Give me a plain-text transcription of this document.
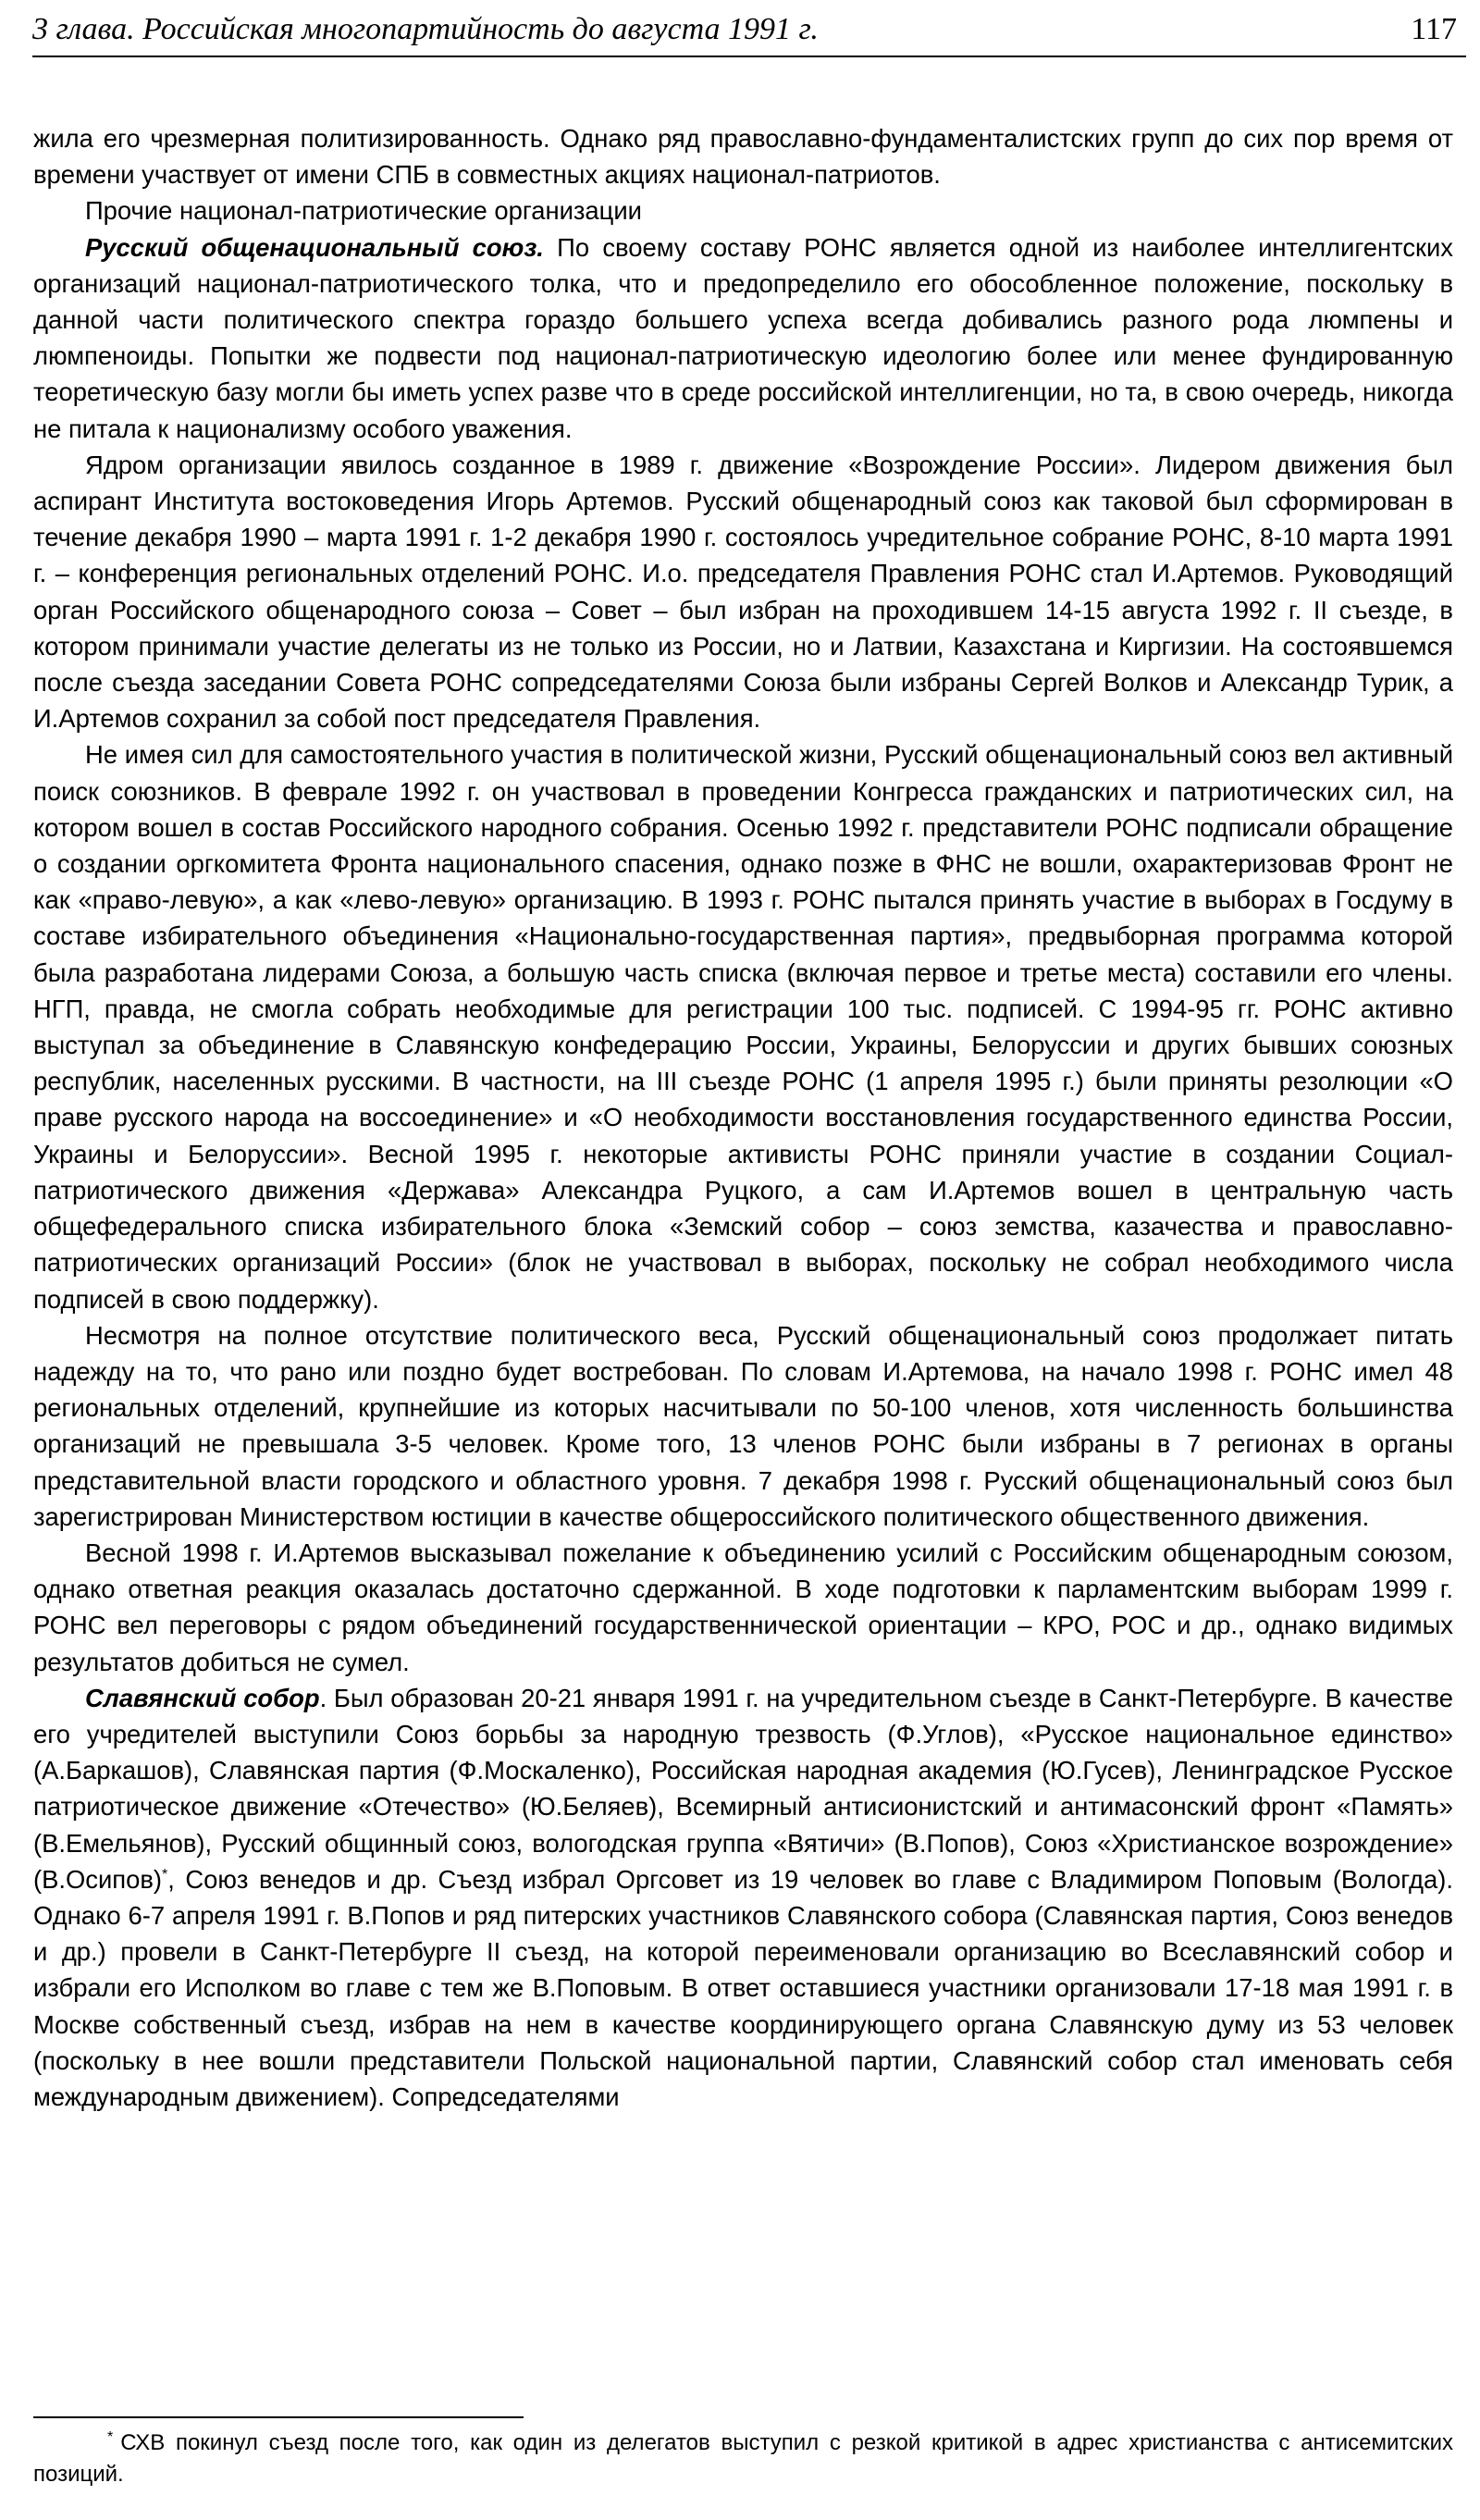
3 глава. Российская многопартийность до августа 1991 г.	117

жила его чрезмерная политизированность. Однако ряд православно-фундаменталистских групп до сих пор время от времени участвует от имени СПБ в совместных акциях национал-патриотов.

Прочие национал-патриотические организации

Русский общенациональный союз. По своему составу РОНС является одной из наиболее интеллигентских организаций национал-патриотического толка, что и предопределило его обособленное положение, поскольку в данной части политического спектра гораздо большего успеха всегда добивались разного рода люмпены и люмпеноиды. Попытки же подвести под национал-патриотическую идеологию более или менее фундированную теоретическую базу могли бы иметь успех разве что в среде российской интеллигенции, но та, в свою очередь, никогда не питала к национализму особого уважения.

Ядром организации явилось созданное в 1989 г. движение «Возрождение России». Лидером движения был аспирант Института востоковедения Игорь Артемов. Русский общенародный союз как таковой был сформирован в течение декабря 1990 – марта 1991 г. 1-2 декабря 1990 г. состоялось учредительное собрание РОНС, 8-10 марта 1991 г. – конференция региональных отделений РОНС. И.о. председателя Правления РОНС стал И.Артемов. Руководящий орган Российского общенародного союза – Совет – был избран на проходившем 14-15 августа 1992 г. II съезде, в котором принимали участие делегаты из не только из России, но и Латвии, Казахстана и Киргизии. На состоявшемся после съезда заседании Совета РОНС сопредседателями Союза были избраны Сергей Волков и Александр Турик, а И.Артемов сохранил за собой пост председателя Правления.

Не имея сил для самостоятельного участия в политической жизни, Русский общенациональный союз вел активный поиск союзников. В феврале 1992 г. он участвовал в проведении Конгресса гражданских и патриотических сил, на котором вошел в состав Российского народного собрания. Осенью 1992 г. представители РОНС подписали обращение о создании оргкомитета Фронта национального спасения, однако позже в ФНС не вошли, охарактеризовав Фронт не как «право-левую», а как «лево-левую» организацию. В 1993 г. РОНС пытался принять участие в выборах в Госдуму в составе избирательного объединения «Национально-государственная партия», предвыборная программа которой была разработана лидерами Союза, а большую часть списка (включая первое и третье места) составили его члены. НГП, правда, не смогла собрать необходимые для регистрации 100 тыс. подписей. С 1994-95 гг. РОНС активно выступал за объединение в Славянскую конфедерацию России, Украины, Белоруссии и других бывших союзных республик, населенных русскими. В частности, на III съезде РОНС (1 апреля 1995 г.) были приняты резолюции «О праве русского народа на воссоединение» и «О необходимости восстановления государственного единства России, Украины и Белоруссии». Весной 1995 г. некоторые активисты РОНС приняли участие в создании Социал-патриотического движения «Держава» Александра Руцкого, а сам И.Артемов вошел в центральную часть общефедерального списка избирательного блока «Земский собор – союз земства, казачества и православно-патриотических организаций России» (блок не участвовал в выборах, поскольку не собрал необходимого числа подписей в свою поддержку).

Несмотря на полное отсутствие политического веса, Русский общенациональный союз продолжает питать надежду на то, что рано или поздно будет востребован. По словам И.Артемова, на начало 1998 г. РОНС имел 48 региональных отделений, крупнейшие из которых насчитывали по 50-100 членов, хотя численность большинства организаций не превышала 3-5 человек. Кроме того, 13 членов РОНС были избраны в 7 регионах в органы представительной власти городского и областного уровня. 7 декабря 1998 г. Русский общенациональный союз был зарегистрирован Министерством юстиции в качестве общероссийского политического общественного движения.

Весной 1998 г. И.Артемов высказывал пожелание к объединению усилий с Российским общенародным союзом, однако ответная реакция оказалась достаточно сдержанной. В ходе подготовки к парламентским выборам 1999 г. РОНС вел переговоры с рядом объединений государственнической ориентации – КРО, РОС и др., однако видимых результатов добиться не сумел.

Славянский собор. Был образован 20-21 января 1991 г. на учредительном съезде в Санкт-Петербурге. В качестве его учредителей выступили Союз борьбы за народную трезвость (Ф.Углов), «Русское национальное единство» (А.Баркашов), Славянская партия (Ф.Москаленко), Российская народная академия (Ю.Гусев), Ленинградское Русское патриотическое движение «Отечество» (Ю.Беляев), Всемирный антисионистский и антимасонский фронт «Память» (В.Емельянов), Русский общинный союз, вологодская группа «Вятичи» (В.Попов), Союз «Христианское возрождение» (В.Осипов)*, Союз венедов и др. Съезд избрал Оргсовет из 19 человек во главе с Владимиром Поповым (Вологда). Однако 6-7 апреля 1991 г. В.Попов и ряд питерских участников Славянского собора (Славянская партия, Союз венедов и др.) провели в Санкт-Петербурге II съезд, на которой переименовали организацию во Всеславянский собор и избрали его Исполком во главе с тем же В.Поповым. В ответ оставшиеся участники организовали 17-18 мая 1991 г. в Москве собственный съезд, избрав на нем в качестве координирующего органа Славянскую думу из 53 человек (поскольку в нее вошли представители Польской национальной партии, Славянский собор стал именовать себя международным движением). Сопредседателями

* СХВ покинул съезд после того, как один из делегатов выступил с резкой критикой в адрес христианства с антисемитских позиций.
